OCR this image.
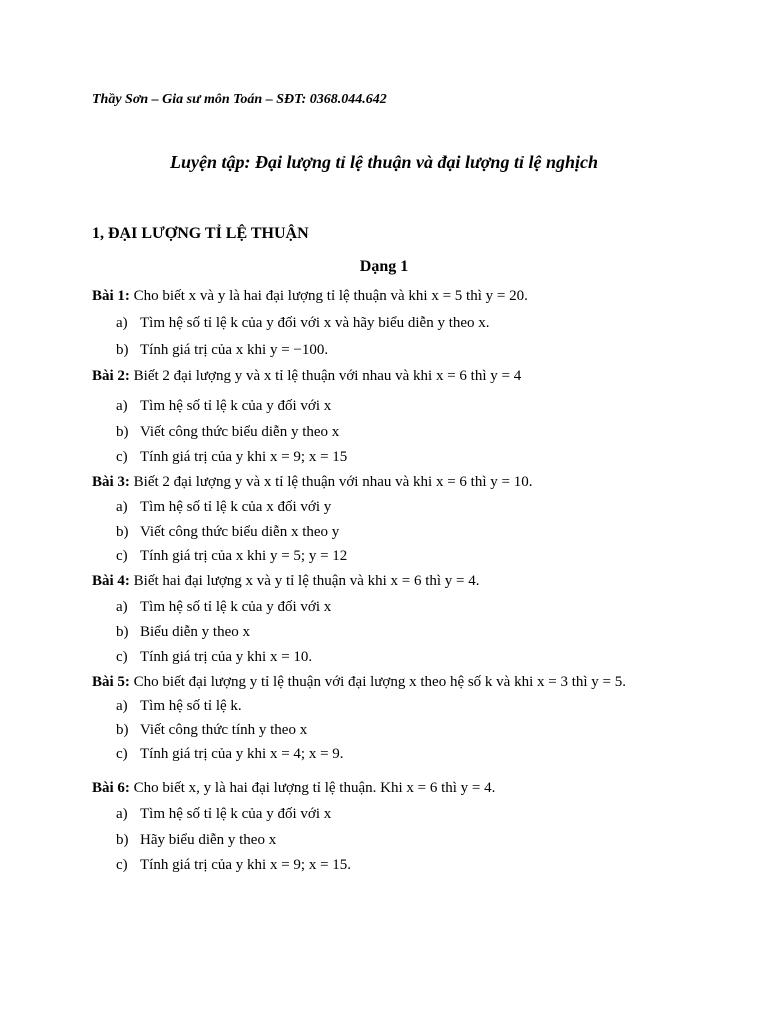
Thầy Sơn – Gia sư môn Toán – SĐT: 0368.044.642
Luyện tập: Đại lượng tỉ lệ thuận và đại lượng tỉ lệ nghịch
1, ĐẠI LƯỢNG TỈ LỆ THUẬN
Dạng 1
Bài 1: Cho biết x và y là hai đại lượng tỉ lệ thuận và khi x = 5 thì y = 20.
a) Tìm hệ số tỉ lệ k của y đối với x và hãy biểu diễn y theo x.
b) Tính giá trị của x khi y = −100.
Bài 2: Biết 2 đại lượng y và x tỉ lệ thuận với nhau và khi x = 6 thì y = 4
a) Tìm hệ số tỉ lệ k của y đối với x
b) Viết công thức biểu diễn y theo x
c) Tính giá trị của y khi x = 9; x = 15
Bài 3: Biết 2 đại lượng y và x tỉ lệ thuận với nhau và khi x = 6 thì y = 10.
a) Tìm hệ số tỉ lệ k của x đối với y
b) Viết công thức biểu diễn x theo y
c) Tính giá trị của x khi y = 5; y = 12
Bài 4: Biết hai đại lượng x và y tỉ lệ thuận và khi x = 6 thì y = 4.
a) Tìm hệ số tỉ lệ k của y đối với x
b) Biểu diễn y theo x
c) Tính giá trị của y khi x = 10.
Bài 5: Cho biết đại lượng y tỉ lệ thuận với đại lượng x theo hệ số k và khi x = 3 thì y = 5.
a) Tìm hệ số tỉ lệ k.
b) Viết công thức tính y theo x
c) Tính giá trị của y khi x = 4; x = 9.
Bài 6: Cho biết x, y là hai đại lượng tỉ lệ thuận. Khi x = 6 thì y = 4.
a) Tìm hệ số tỉ lệ k của y đối với x
b) Hãy biểu diễn y theo x
c) Tính giá trị của y khi x = 9; x = 15.
